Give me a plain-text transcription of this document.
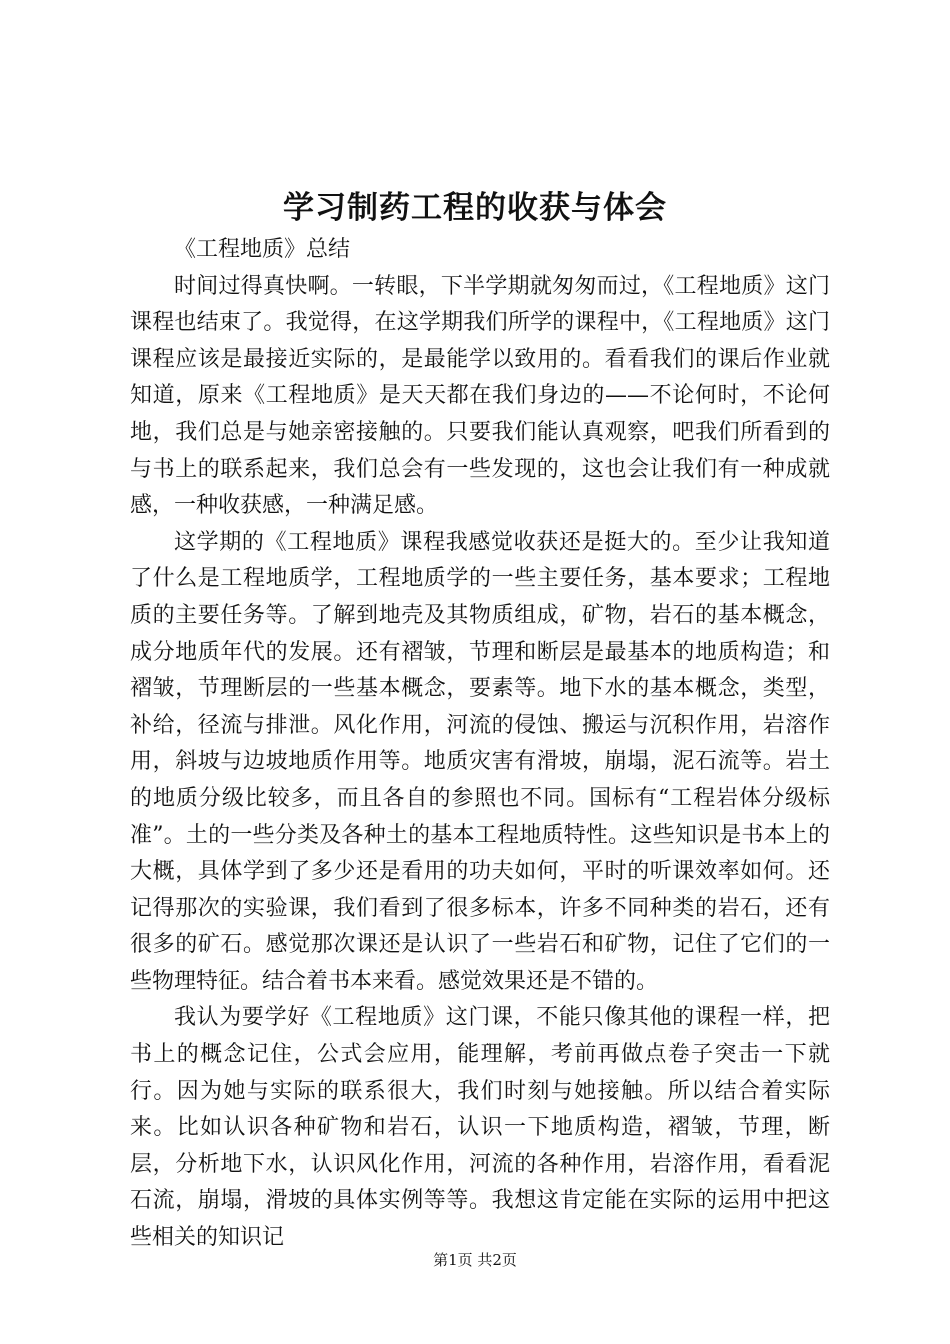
学习制药工程的收获与体会

《工程地质》总结

时间过得真快啊。一转眼，下半学期就匆匆而过，《工程地质》这门课程也结束了。我觉得，在这学期我们所学的课程中，《工程地质》这门课程应该是最接近实际的，是最能学以致用的。看看我们的课后作业就知道，原来《工程地质》是天天都在我们身边的——不论何时，不论何地，我们总是与她亲密接触的。只要我们能认真观察，吧我们所看到的与书上的联系起来，我们总会有一些发现的，这也会让我们有一种成就感，一种收获感，一种满足感。

这学期的《工程地质》课程我感觉收获还是挺大的。至少让我知道了什么是工程地质学，工程地质学的一些主要任务，基本要求；工程地质的主要任务等。了解到地壳及其物质组成，矿物，岩石的基本概念，成分地质年代的发展。还有褶皱，节理和断层是最基本的地质构造；和褶皱，节理断层的一些基本概念，要素等。地下水的基本概念，类型，补给，径流与排泄。风化作用，河流的侵蚀、搬运与沉积作用，岩溶作用，斜坡与边坡地质作用等。地质灾害有滑坡，崩塌，泥石流等。岩土的地质分级比较多，而且各自的参照也不同。国标有“工程岩体分级标准”。土的一些分类及各种土的基本工程地质特性。这些知识是书本上的大概，具体学到了多少还是看用的功夫如何，平时的听课效率如何。还记得那次的实验课，我们看到了很多标本，许多不同种类的岩石，还有很多的矿石。感觉那次课还是认识了一些岩石和矿物，记住了它们的一些物理特征。结合着书本来看。感觉效果还是不错的。

我认为要学好《工程地质》这门课，不能只像其他的课程一样，把书上的概念记住，公式会应用，能理解，考前再做点卷子突击一下就行。因为她与实际的联系很大，我们时刻与她接触。所以结合着实际来。比如认识各种矿物和岩石，认识一下地质构造，褶皱，节理，断层，分析地下水，认识风化作用，河流的各种作用，岩溶作用，看看泥石流，崩塌，滑坡的具体实例等等。我想这肯定能在实际的运用中把这些相关的知识记

第1页 共2页
